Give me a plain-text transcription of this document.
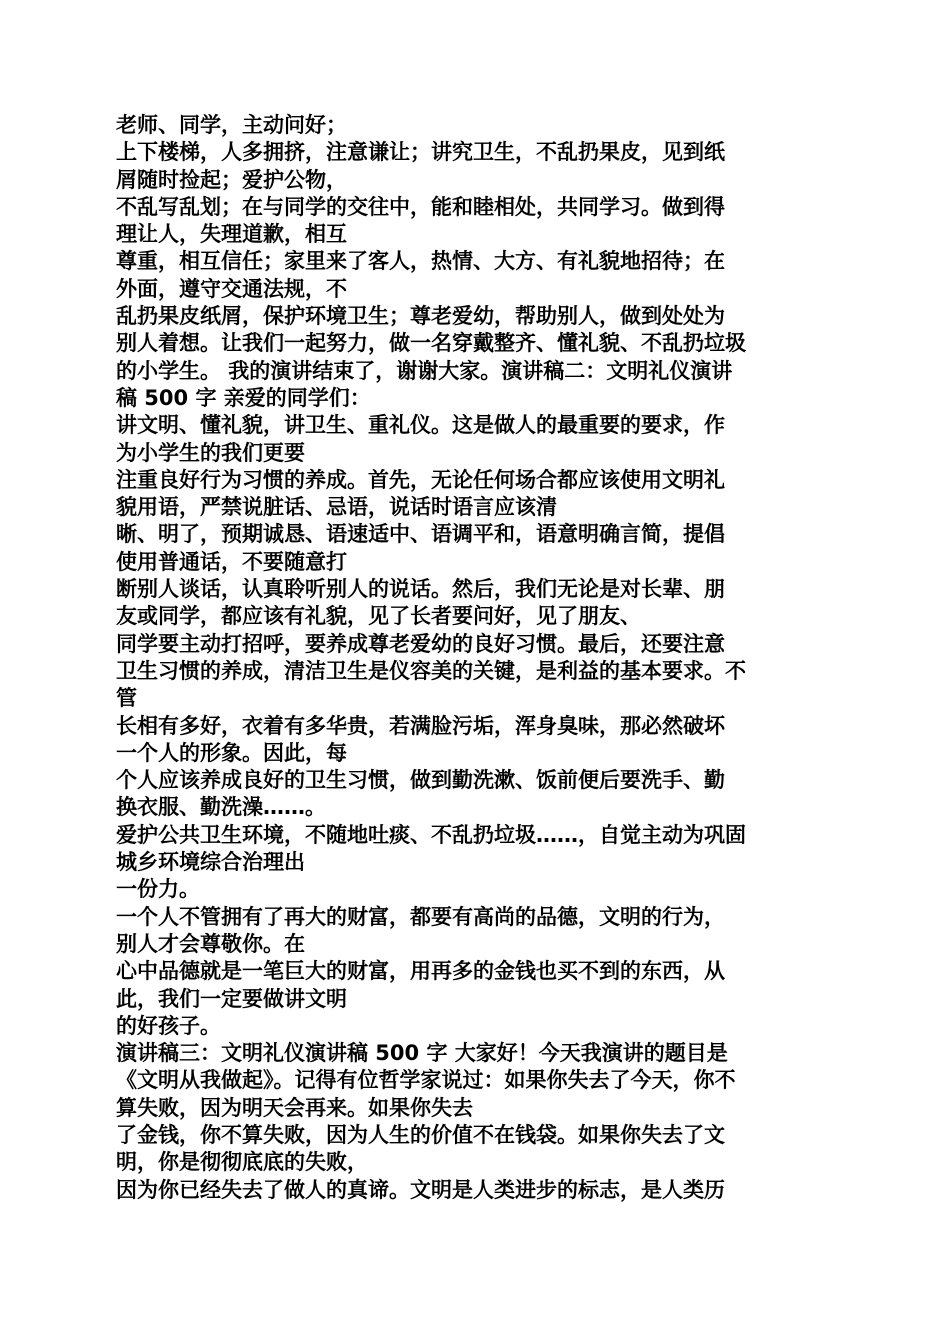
老师、同学，主动问好；
上下楼梯，人多拥挤，注意谦让；讲究卫生，不乱扔果皮，见到纸
屑随时捡起；爱护公物，
不乱写乱划；在与同学的交往中，能和睦相处，共同学习。做到得
理让人，失理道歉，相互
尊重，相互信任；家里来了客人，热情、大方、有礼貌地招待；在
外面，遵守交通法规，不
乱扔果皮纸屑，保护环境卫生；尊老爱幼，帮助别人，做到处处为
别人着想。让我们一起努力，做一名穿戴整齐、懂礼貌、不乱扔垃圾
的小学生。 我的演讲结束了，谢谢大家。演讲稿二：文明礼仪演讲
稿 500 字 亲爱的同学们：
讲文明、懂礼貌，讲卫生、重礼仪。这是做人的最重要的要求，作
为小学生的我们更要
注重良好行为习惯的养成。首先，无论任何场合都应该使用文明礼
貌用语，严禁说脏话、忌语，说话时语言应该清
晰、明了，预期诚恳、语速适中、语调平和，语意明确言简，提倡
使用普通话，不要随意打
断别人谈话，认真聆听别人的说话。然后，我们无论是对长辈、朋
友或同学，都应该有礼貌，见了长者要问好，见了朋友、
同学要主动打招呼，要养成尊老爱幼的良好习惯。最后，还要注意
卫生习惯的养成，清洁卫生是仪容美的关键，是利益的基本要求。不
管
长相有多好，衣着有多华贵，若满脸污垢，浑身臭味，那必然破坏
一个人的形象。因此，每
个人应该养成良好的卫生习惯，做到勤洗漱、饭前便后要洗手、勤
换衣服、勤洗澡……。
爱护公共卫生环境，不随地吐痰、不乱扔垃圾……，自觉主动为巩固
城乡环境综合治理出
一份力。
一个人不管拥有了再大的财富，都要有高尚的品德，文明的行为，
别人才会尊敬你。在
心中品德就是一笔巨大的财富，用再多的金钱也买不到的东西，从
此，我们一定要做讲文明
的好孩子。
演讲稿三：文明礼仪演讲稿 500 字 大家好！今天我演讲的题目是
《文明从我做起》。记得有位哲学家说过：如果你失去了今天，你不
算失败，因为明天会再来。如果你失去
了金钱，你不算失败，因为人生的价值不在钱袋。如果你失去了文
明，你是彻彻底底的失败，
因为你已经失去了做人的真谛。文明是人类进步的标志，是人类历
